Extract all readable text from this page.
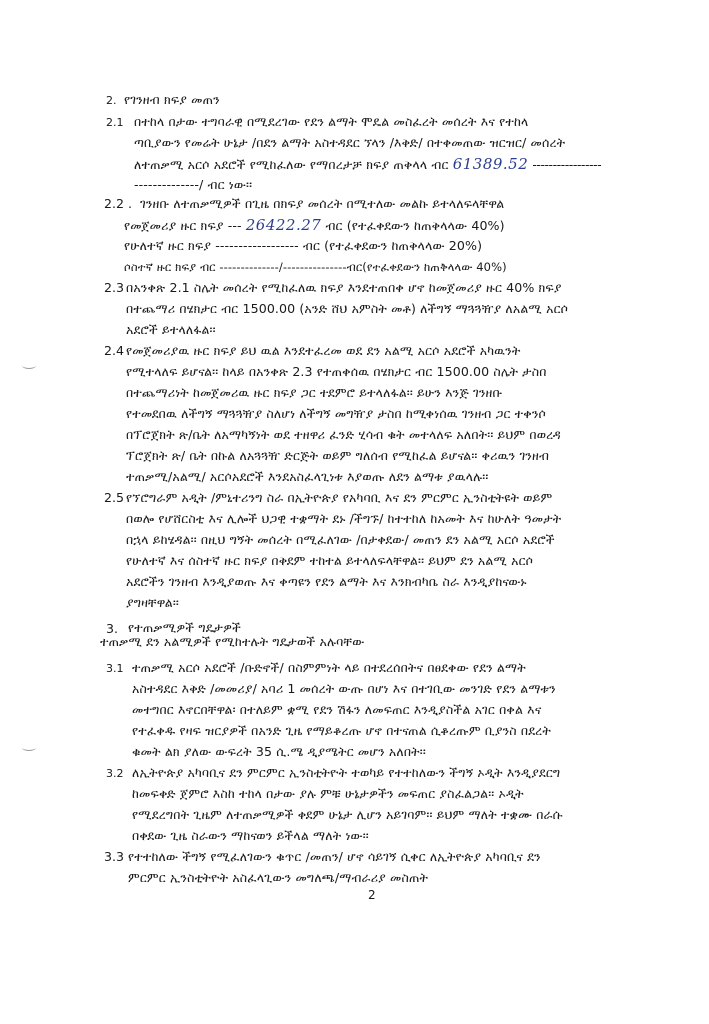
2. የገንዘብ ክፍያ መጠን
2.1 በተከላ በታው ተግባራዊ በሚደረገው የደን ልማት ሞዴል መስፈረት መሰረት እና የተከላ
ጣቢያውን የመሬት ሁኔታ /በደን ልማት አስተዳደር ኘላን /እቅድ/ በተቀመጠው ዝርዝር/ መሰረት
ለተጠቃሚ አርሶ አደሮች የሚከፈለው የማበረታቻ ክፍያ ጠቅላላ ብር 61389.52 -----------------
--------------/ ብር ነው፡፡
2.2 . ገንዘቡ ለተጠቃሚዎች በጊዜ በክፍያ መሰረት በሚተለው መልኩ ይተላለፍላቸዋል
የመጀመሪያ ዙር ክፍያ --- 26422.27 ብር (የተፈቀደውን ከጠቅላላው 40%)
የሁለተኛ ዙር ክፍያ ------------------ ብር (የተፈቀደውን ከጠቅላላው 20%)
ሶስተኛ ዙር ክፍያ ብር --------------/---------------ብር(የተፈቀደውን ከጠቅላላው 40%)
2.3 በአንቀጽ 2.1 ስሌት መሰረት የሚከፈለዉ ክፍያ እንደተጠበቀ ሆኖ ከመጀመሪያ ዙር 40% ክፍያ
በተጨማሪ በሄክታር ብር 1500.00 (አንድ ሸህ አምስት መቶ) ለችግኝ ማጓጓዥያ ለአልሚ አርሶ
አደሮች ይተላለፋል፡፡
2.4 የመጀመሪያዉ ዙር ክፍያ ይህ ዉል እንደተፈረመ ወደ ደን አልሚ አርሶ አደሮች አካዉንት
የሚተላለፍ ይሆናል፡፡ ከላይ በአንቀጽ 2.3 የተጠቀሰዉ በሄክታር ብር 1500.00 ስሌት ታስበ
በተጨማሪነት ከመጀመሪዉ ዙር ክፍያ ጋር ተደምሮ ይተላለፋል፡፡ ይሁን እንጅ ገንዘቡ
የተመደበዉ ለችግኝ ማጓጓዥያ ስለሆነ ለችግኝ መግዥያ ታስበ ከሚቀነሰዉ ገንዘብ ጋር ተቀንሶ
በፕሮጀክት ጽ/ቤት ለአማካኝነት ወደ ተዘዋሪ ፈንድ ሂሳብ ቁት መተላለፍ አለበት፡፡ ይህም በወረዳ
ፕሮጀክት ጽ/ ቤት በኩል ለአጓጓዥ ድርጅት ወይም ግለሰብ የሚከፈል ይሆናል፡፡ ቀሪዉን ገንዘብ
ተጠቃሚ/አልሚ/ አርሶአደሮች እንደአስፈላጊነቱ እያወጡ ለደን ልማቱ ያዉላሉ፡፡
2.5 የኘሮግራም አዲት /ምኒተሪንግ ስራ በኢትዮጵያ የአካባቢ እና ደን ምርምር ኢንስቲትዩት ወይም
በወሎ የሆሸርስቲ እና ሊሎች ህጋዊ ተቋማት ደኑ /ችግኙ/ ከተተከለ ከአመት እና ከሁለት ዓመታት
በኋላ ይከሄዳል፡፡ በዚህ ግኝት መሰረት በሚፈለገው /በታቀደው/ መጠን ደን አልሚ አርሶ አደሮች
የሁለተኛ እና ሰስተኛ ዙር ክፍያ በቅደም ተከተል ይተላለፍላቸዋል፡፡ ይህም ደን አልሚ አርሶ
አደሮችን ገንዘብ እንዲያወጡ እና ቀጣዩን የደን ልማት እና እንክብካቤ ስራ እንዲያከናውኑ
ያግዛቸዋል፡፡
3. የተጠቃሚዎች ግዴታዎች
ተጠቃሚ ደን አልሚዎች የሚከተሉት ግዴታወች አሉባቸው
3.1 ተጠቃሚ አርሶ አደሮች /ቡድኖች/ በስምምነት ላይ በተደረሰበትና በፀደቀው የደን ልማት
አስተዳደር እቅድ /መመሪያ/ አባሪ 1 መሰረት ውጡ በሆነ እና በተገቢው መንገድ የደን ልማቱን
መተግበር እኖርበቸዋል፡ በተለይም ቋሚ የደን ሽፋን ለመፍጠር እንዲያስችል አገር በቀል እና
የተፈቀዱ የዛፍ ዝርያዎች በአንድ ጊዜ የማይቆረጡ ሆኖ በተናጠል ሲቆረጡም ቢያንስ በደረት
ቁመት ልክ ያለው ውፍረት 35 ሲ.ሜ ዲያሜትር መሆን አለበት፡፡
3.2 ለኢትዮጵያ አካባቢና ደን ምርምር ኢንስቲትዮት ተወካይ የተተከለውን ችግኝ ኦዲት እንዲያደርግ
ከመፍቀድ ጀምሮ እስከ ተከላ በታው ያሉ ምቹ ሁኔታዎችን መፍጠር ያስፈልጋል፡፡ ኦዲት
የሚደረግበት ጊዜም ለተጠቃሚዎች ቀደም ሁኔታ ሊሆን አይገባም፡፡ ይህም ማለት ተቋሙ በራሱ
በቀደው ጊዜ ስራውን ማከናወን ይችላል ማለት ነው፡፡
3.3 የተተከለው ችግኝ የሚፈለገውን ቁጥር /መጠን/ ሆኖ ሳይገኝ ሲቀር ለኢትዮጵያ አካባቢና ደን
ምርምር ኢንስቲትዮት አስፈላጊውን መግለጫ/ማብራሪያ መስጠት
2
